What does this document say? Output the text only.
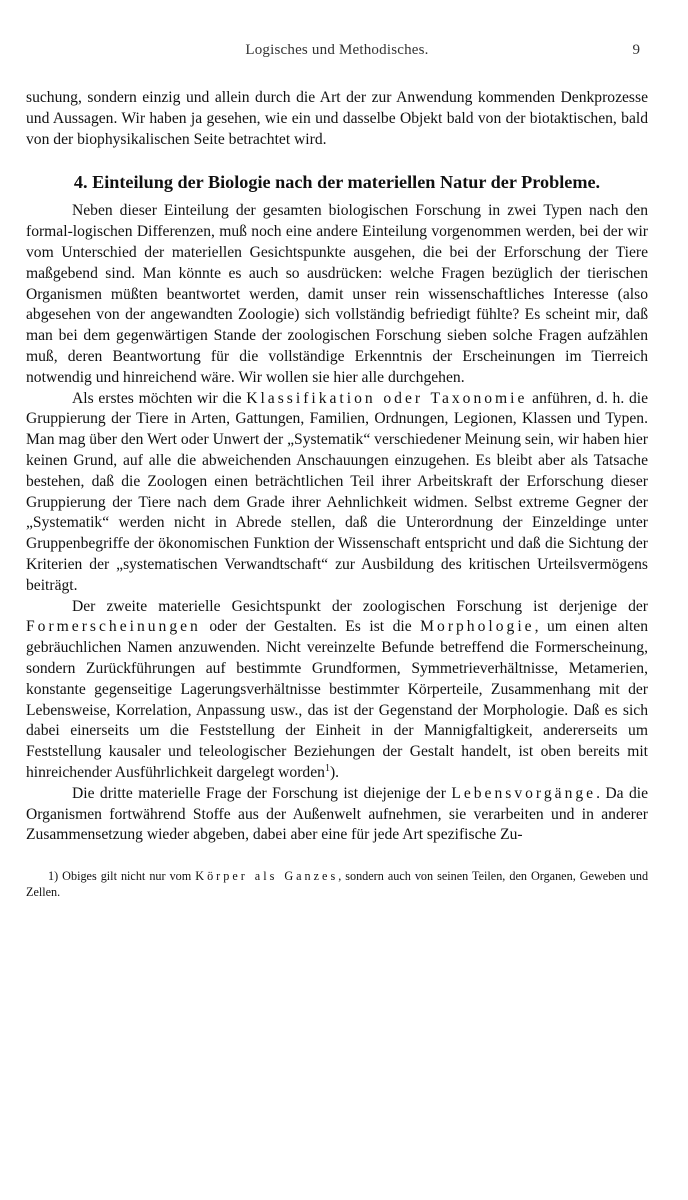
Logisches und Methodisches.	9

suchung, sondern einzig und allein durch die Art der zur Anwendung kommenden Denkprozesse und Aussagen. Wir haben ja gesehen, wie ein und dasselbe Objekt bald von der biotaktischen, bald von der biophysikalischen Seite betrachtet wird.

4. Einteilung der Biologie nach der materiellen Natur der Probleme.

Neben dieser Einteilung der gesamten biologischen Forschung in zwei Typen nach den formal-logischen Differenzen, muß noch eine andere Einteilung vorgenommen werden, bei der wir vom Unterschied der materiellen Gesichtspunkte ausgehen, die bei der Erforschung der Tiere maßgebend sind. Man könnte es auch so ausdrücken: welche Fragen bezüglich der tierischen Organismen müßten beantwortet werden, damit unser rein wissenschaftliches Interesse (also abgesehen von der angewandten Zoologie) sich vollständig befriedigt fühlte? Es scheint mir, daß man bei dem gegenwärtigen Stande der zoologischen Forschung sieben solche Fragen aufzählen muß, deren Beantwortung für die vollständige Erkenntnis der Erscheinungen im Tierreich notwendig und hinreichend wäre. Wir wollen sie hier alle durchgehen.

Als erstes möchten wir die Klassifikation oder Taxonomie anführen, d. h. die Gruppierung der Tiere in Arten, Gattungen, Familien, Ordnungen, Legionen, Klassen und Typen. Man mag über den Wert oder Unwert der „Systematik“ verschiedener Meinung sein, wir haben hier keinen Grund, auf alle die abweichenden Anschauungen einzugehen. Es bleibt aber als Tatsache bestehen, daß die Zoologen einen beträchtlichen Teil ihrer Arbeitskraft der Erforschung dieser Gruppierung der Tiere nach dem Grade ihrer Aehnlichkeit widmen. Selbst extreme Gegner der „Systematik“ werden nicht in Abrede stellen, daß die Unterordnung der Einzeldinge unter Gruppenbegriffe der ökonomischen Funktion der Wissenschaft entspricht und daß die Sichtung der Kriterien der „systematischen Verwandtschaft“ zur Ausbildung des kritischen Urteilsvermögens beiträgt.

Der zweite materielle Gesichtspunkt der zoologischen Forschung ist derjenige der Formerscheinungen oder der Gestalten. Es ist die Morphologie, um einen alten gebräuchlichen Namen anzuwenden. Nicht vereinzelte Befunde betreffend die Formerscheinung, sondern Zurückführungen auf bestimmte Grundformen, Symmetrieverhältnisse, Metamerien, konstante gegenseitige Lagerungsverhältnisse bestimmter Körperteile, Zusammenhang mit der Lebensweise, Korrelation, Anpassung usw., das ist der Gegenstand der Morphologie. Daß es sich dabei einerseits um die Feststellung der Einheit in der Mannigfaltigkeit, andererseits um Feststellung kausaler und teleologischer Beziehungen der Gestalt handelt, ist oben bereits mit hinreichender Ausführlichkeit dargelegt worden$^1$).

Die dritte materielle Frage der Forschung ist diejenige der Lebensvorgänge. Da die Organismen fortwährend Stoffe aus der Außenwelt aufnehmen, sie verarbeiten und in anderer Zusammensetzung wieder abgeben, dabei aber eine für jede Art spezifische Zu-

1) Obiges gilt nicht nur vom Körper als Ganzes, sondern auch von seinen Teilen, den Organen, Geweben und Zellen.
